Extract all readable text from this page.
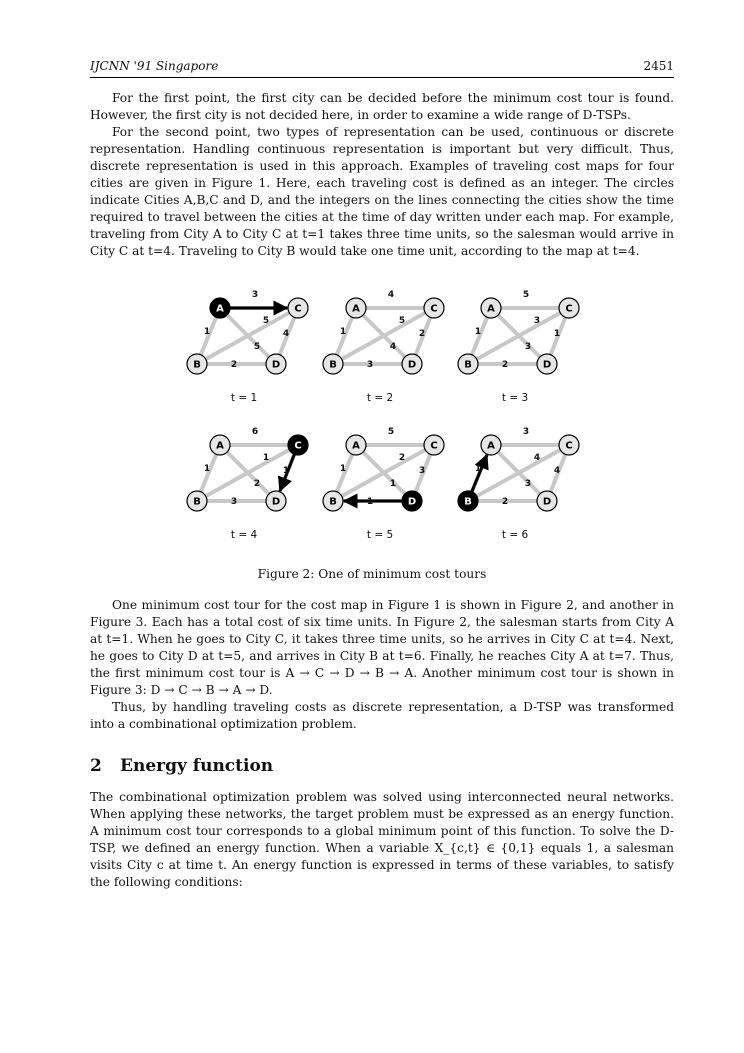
IJCNN '91 Singapore	2451

For the first point, the first city can be decided before the minimum cost tour is found. However, the first city is not decided here, in order to examine a wide range of D-TSPs.

For the second point, two types of representation can be used, continuous or discrete representation. Handling continuous representation is important but very difficult. Thus, discrete representation is used in this approach. Examples of traveling cost maps for four cities are given in Figure 1. Here, each traveling cost is defined as an integer. The circles indicate Cities A,B,C and D, and the integers on the lines connecting the cities show the time required to travel between the cities at the time of day written under each map. For example, traveling from City A to City C at t=1 takes three time units, so the salesman would arrive in City C at t=4. Traveling to City B would take one time unit, according to the map at t=4.

3
1
5
5
4
2
A	C
B	D
t = 1
4
1
5
4
2
3
A	C
B	D
t = 2
5
1
3
3
1
2
A	C
B	D
t = 3
6
1
1
2
1
3
A	C
B	D
t = 4
5
1
2
1
3
1
A	C
B	D
t = 5
3
1
4
3
4
2
A	C
B	D
t = 6
Figure 2: One of minimum cost tours

One minimum cost tour for the cost map in Figure 1 is shown in Figure 2, and another in Figure 3. Each has a total cost of six time units. In Figure 2, the salesman starts from City A at t=1. When he goes to City C, it takes three time units, so he arrives in City C at t=4. Next, he goes to City D at t=5, and arrives in City B at t=6. Finally, he reaches City A at t=7. Thus, the first minimum cost tour is A → C → D → B → A. Another minimum cost tour is shown in Figure 3: D → C → B → A → D.

Thus, by handling traveling costs as discrete representation, a D-TSP was transformed into a combinational optimization problem.

2 Energy function

The combinational optimization problem was solved using interconnected neural networks. When applying these networks, the target problem must be expressed as an energy function. A minimum cost tour corresponds to a global minimum point of this function. To solve the D-TSP, we defined an energy function. When a variable X_{c,t} ∈ {0,1} equals 1, a salesman visits City c at time t. An energy function is expressed in terms of these variables, to satisfy the following conditions:
